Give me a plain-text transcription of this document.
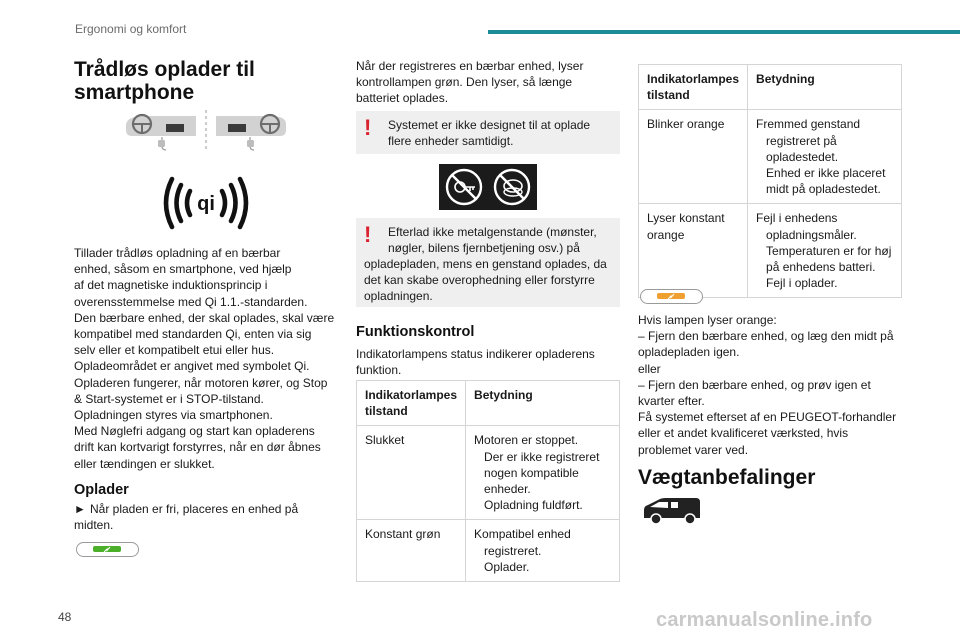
Ergonomi og komfort
Trådløs oplader til
smartphone
qi
Tillader trådløs opladning af en bærbar
enhed, såsom en smartphone, ved hjælp
af det magnetiske induktionsprincip i
overensstemmelse med Qi 1.1.-standarden.
Den bærbare enhed, der skal oplades, skal være
kompatibel med standarden Qi, enten via sig
selv eller et kompatibelt etui eller hus.
Opladeområdet er angivet med symbolet Qi.
Opladeren fungerer, når motoren kører, og Stop
& Start-systemet er i STOP-tilstand.
Opladningen styres via smartphonen.
Med Nøglefri adgang og start kan opladerens
drift kan kortvarigt forstyrres, når en dør åbnes
eller tændingen er slukket.
Oplader
► Når pladen er fri, placeres en enhed på
midten.
Når der registreres en bærbar enhed, lyser
kontrollampen grøn. Den lyser, så længe
batteriet oplades.
! Systemet er ikke designet til at oplade
flere enheder samtidigt.
! Efterlad ikke metalgenstande (mønster,
nøgler, bilens fjernbetjening osv.) på
opladepladen, mens en genstand oplades, da
det kan skabe overophedning eller forstyrre
opladningen.
Funktionskontrol
Indikatorlampens status indikerer opladerens
funktion.
Indikatorlampes
tilstand	Betydning

Slukket	Motoren er stoppet.
Der er ikke registreret
nogen kompatible
enheder.
Opladning fuldført.

Konstant grøn	Kompatibel enhed
registreret.
Oplader.
Indikatorlampes
tilstand	Betydning

Blinker orange	Fremmed genstand
registreret på
opladestedet.
Enhed er ikke placeret
midt på opladestedet.

Lyser konstant
orange	Fejl i enhedens
opladningsmåler.
Temperaturen er for høj
på enhedens batteri.
Fejl i oplader.
Hvis lampen lyser orange:
– Fjern den bærbare enhed, og læg den midt på
opladepladen igen.
eller
– Fjern den bærbare enhed, og prøv igen et
kvarter efter.
Få systemet efterset af en PEUGEOT-forhandler
eller et andet kvalificeret værksted, hvis
problemet varer ved.
Vægtanbefalinger
48	carmanualsonline.info
